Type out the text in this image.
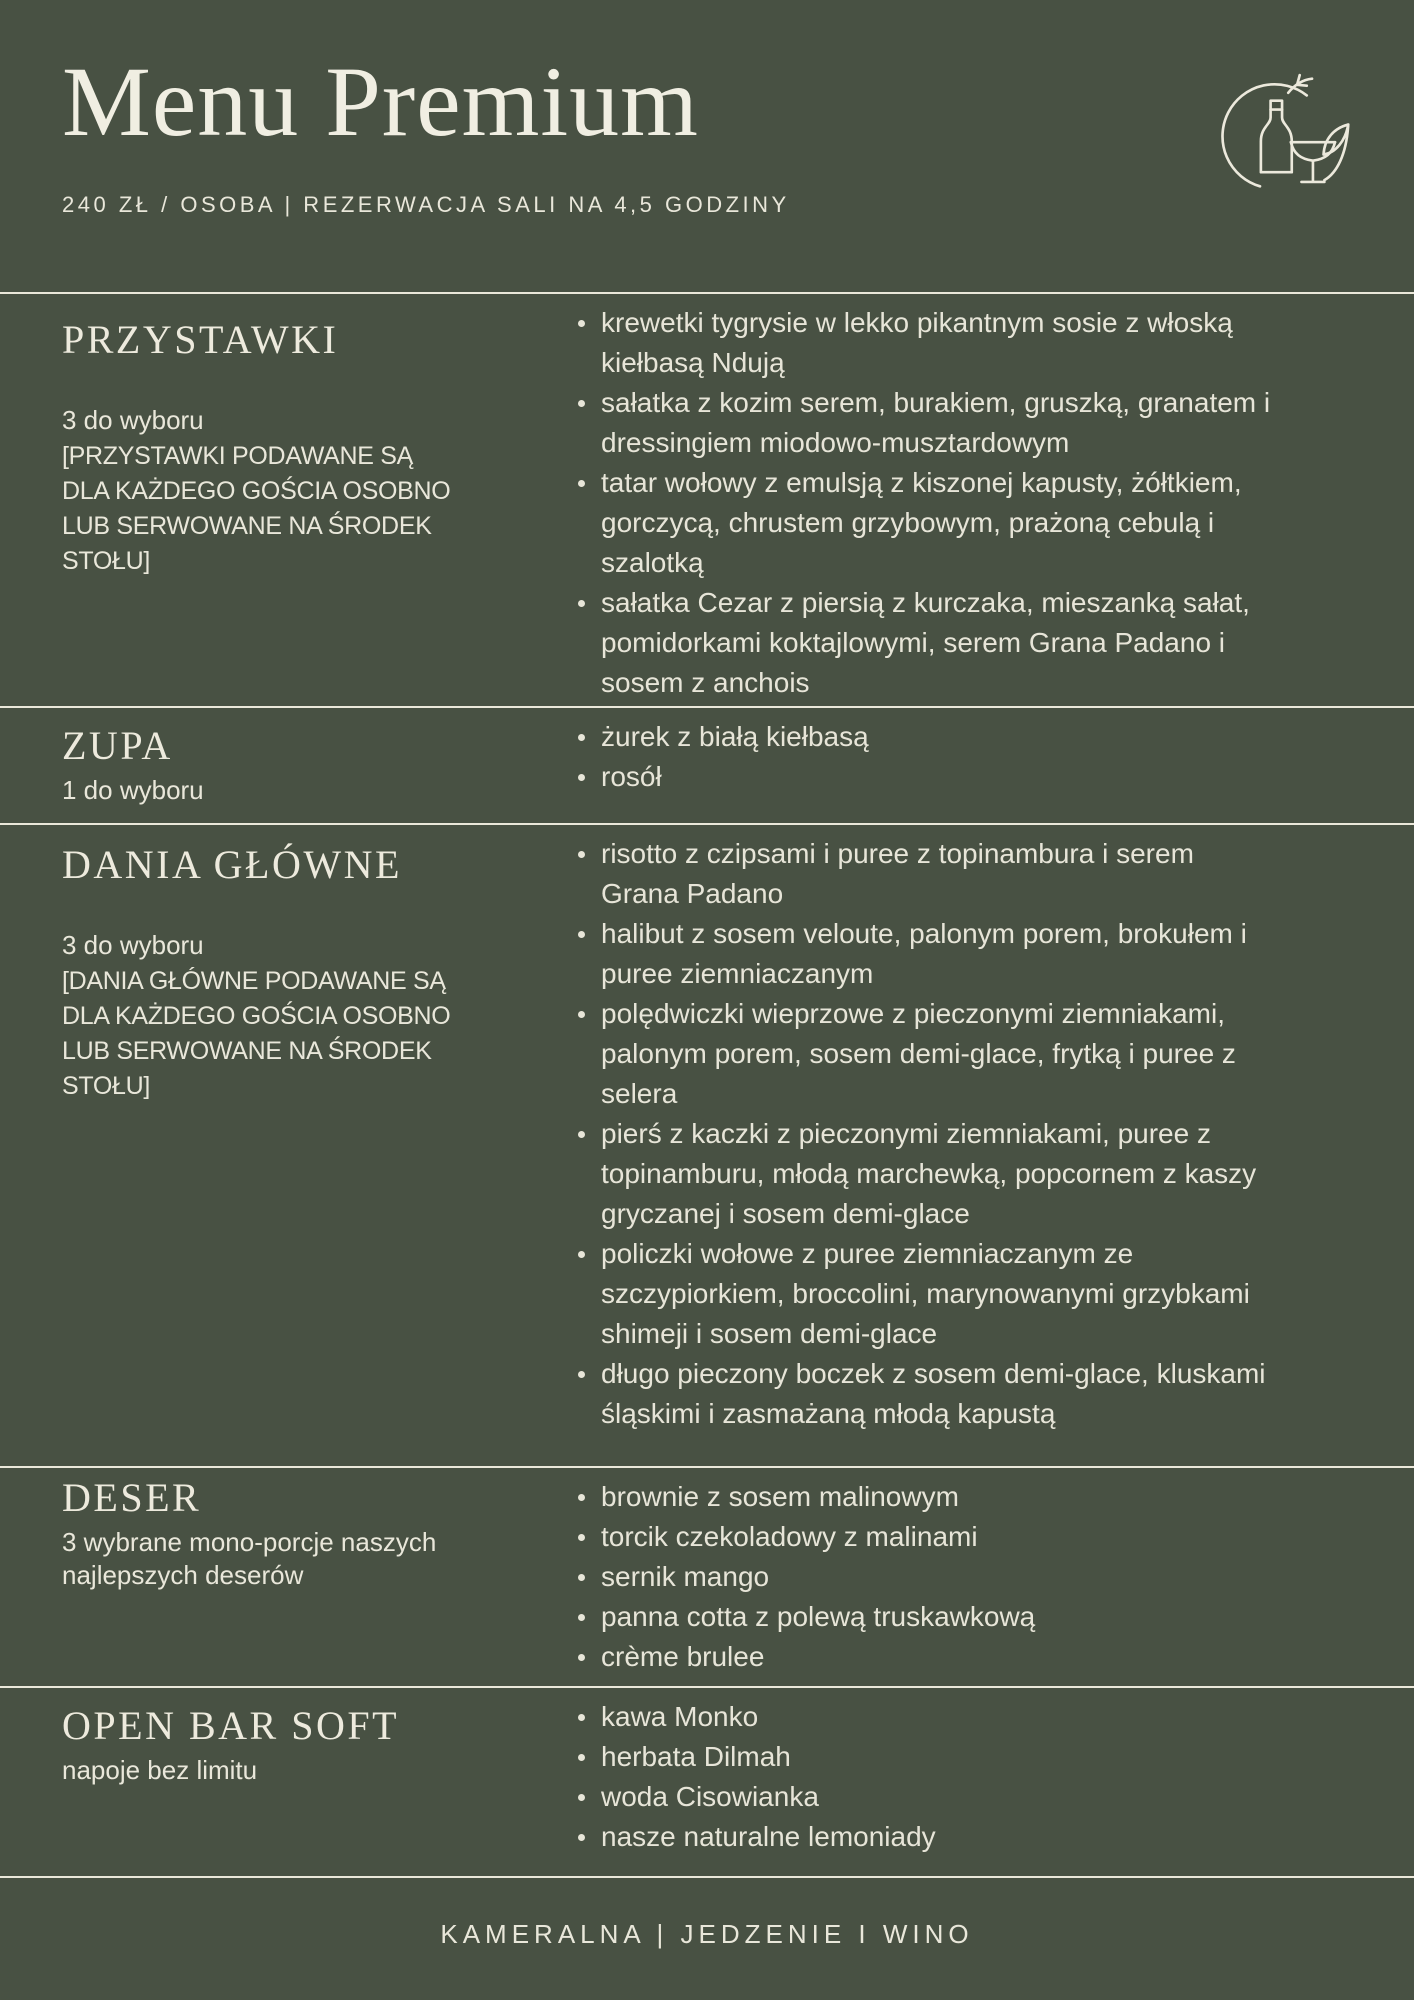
Menu Premium
240 ZŁ / OSOBA | REZERWACJA SALI NA 4,5 GODZINY
PRZYSTAWKI

3 do wyboru

[PRZYSTAWKI PODAWANE SĄ DLA KAŻDEGO GOŚCIA OSOBNO LUB SERWOWANE NA ŚRODEK STOŁU]

krewetki tygrysie w lekko pikantnym sosie z włoską kiełbasą Ndują
sałatka z kozim serem, burakiem, gruszką, granatem i dressingiem miodowo-musztardowym
tatar wołowy z emulsją z kiszonej kapusty, żółtkiem, gorczycą, chrustem grzybowym, prażoną cebulą i szalotką
sałatka Cezar z piersią z kurczaka, mieszanką sałat, pomidorkami koktajlowymi, serem Grana Padano i sosem z anchois
ZUPA

1 do wyboru

żurek z białą kiełbasą
rosół
DANIA GŁÓWNE

3 do wyboru

[DANIA GŁÓWNE PODAWANE SĄ DLA KAŻDEGO GOŚCIA OSOBNO LUB SERWOWANE NA ŚRODEK STOŁU]

risotto z czipsami i puree z topinambura i serem Grana Padano
halibut z sosem veloute, palonym porem, brokułem i puree ziemniaczanym
polędwiczki wieprzowe z pieczonymi ziemniakami, palonym porem, sosem demi-glace, frytką i puree z selera
pierś z kaczki z pieczonymi ziemniakami, puree z topinamburu, młodą marchewką, popcornem z kaszy gryczanej i sosem demi-glace
policzki wołowe z puree ziemniaczanym ze szczypiorkiem, broccolini, marynowanymi grzybkami shimeji i sosem demi-glace
długo pieczony boczek z sosem demi-glace, kluskami śląskimi i zasmażaną młodą kapustą
DESER

3 wybrane mono-porcje naszych najlepszych deserów

brownie z sosem malinowym
torcik czekoladowy z malinami
sernik mango
panna cotta z polewą truskawkową
crème brulee
OPEN BAR SOFT

napoje bez limitu

kawa Monko
herbata Dilmah
woda Cisowianka
nasze naturalne lemoniady
KAMERALNA | JEDZENIE I WINO
